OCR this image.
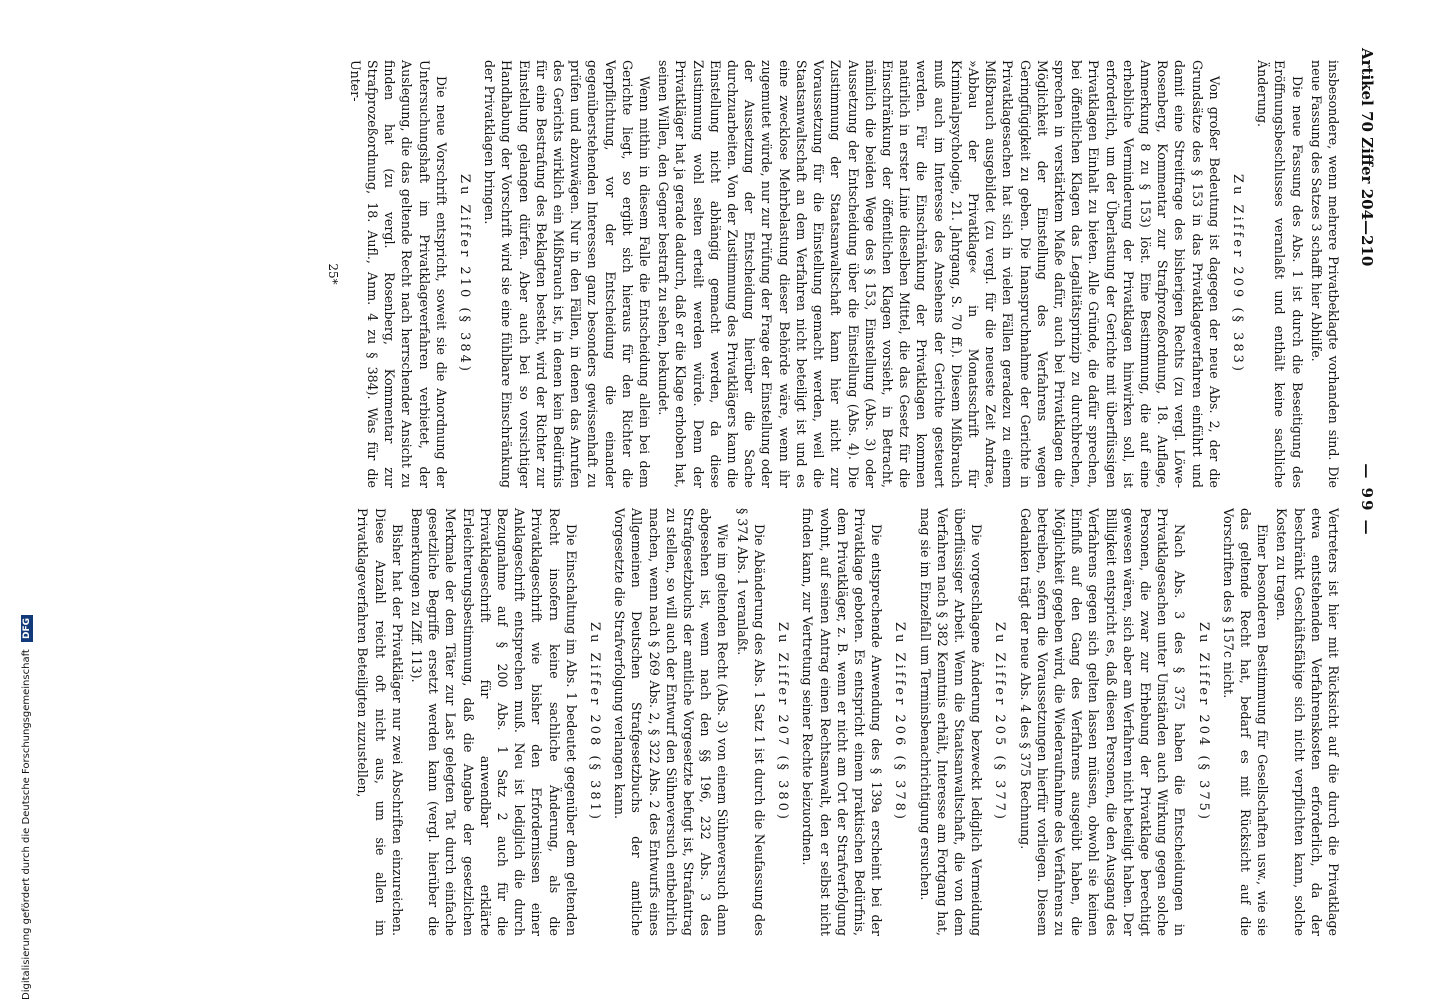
Artikel 70 Ziffer 204—210
— 99 —

insbesondere, wenn mehrere Privatbeklagte vorhanden sind. Die neue Fassung des Satzes 3 schafft hier Abhilfe.

Die neue Fassung des Abs. 1 ist durch die Beseitigung des Eröffnungsbeschlusses veranlaßt und enthält keine sachliche Änderung.

Zu Ziffer 209 (§ 383)

Von großer Bedeutung ist dagegen der neue Abs. 2, der die Grundsätze des § 153 in das Privatklageverfahren einführt und damit eine Streitfrage des bisherigen Rechts (zu vergl. Löwe-Rosenberg, Kommentar zur Strafprozeßordnung, 18. Auflage, Anmerkung 8 zu § 153) löst. Eine Bestimmung, die auf eine erhebliche Verminderung der Privatklagen hinwirken soll, ist erforderlich, um der Überlastung der Gerichte mit überflüssigen Privatklagen Einhalt zu bieten. Alle Gründe, die dafür sprechen, bei öffentlichen Klagen das Legalitätsprinzip zu durchbrechen, sprechen in verstärktem Maße dafür, auch bei Privatklagen die Möglichkeit der Einstellung des Verfahrens wegen Geringfügigkeit zu geben. Die Inanspruchnahme der Gerichte in Privatklagesachen hat sich in vielen Fällen geradezu zu einem Mißbrauch ausgebildet (zu vergl. für die neueste Zeit Andrae, »Abbau der Privatklage« in Monatsschrift für Kriminalpsychologie, 21. Jahrgang, S. 70 ff.). Diesem Mißbrauch muß auch im Interesse des Ansehens der Gerichte gesteuert werden. Für die Einschränkung der Privatklagen kommen natürlich in erster Linie dieselben Mittel, die das Gesetz für die Einschränkung der öffentlichen Klagen vorsieht, in Betracht, nämlich die beiden Wege des § 153, Einstellung (Abs. 3) oder Aussetzung der Entscheidung über die Einstellung (Abs. 4). Die Zustimmung der Staatsanwaltschaft kann hier nicht zur Voraussetzung für die Einstellung gemacht werden, weil die Staatsanwaltschaft an dem Verfahren nicht beteiligt ist und es eine zwecklose Mehrbelastung dieser Behörde wäre, wenn ihr zugemutet würde, nur zur Prüfung der Frage der Einstellung oder der Aussetzung der Entscheidung hierüber die Sache durchzuarbeiten. Von der Zustimmung des Privatklägers kann die Einstellung nicht abhängig gemacht werden, da diese Zustimmung wohl selten erteilt werden würde. Denn der Privatkläger hat ja gerade dadurch, daß er die Klage erhoben hat, seinen Willen, den Gegner bestraft zu sehen, bekundet.

Wenn mithin in diesem Falle die Entscheidung allein bei dem Gerichte liegt, so ergibt sich hieraus für den Richter die Verpflichtung, vor der Entscheidung die einander gegenüberstehenden Interessen ganz besonders gewissenhaft zu prüfen und abzuwägen. Nur in den Fällen, in denen das Anrufen des Gerichts wirklich ein Mißbrauch ist, in denen kein Bedürfnis für eine Bestrafung des Beklagten besteht, wird der Richter zur Einstellung gelangen dürfen. Aber auch bei so vorsichtiger Handhabung der Vorschrift wird sie eine fühlbare Einschränkung der Privatklagen bringen.

Zu Ziffer 210 (§ 384)

Die neue Vorschrift entspricht, soweit sie die Anordnung der Untersuchungshaft im Privatklageverfahren verbietet, der Auslegung, die das geltende Recht nach herrschender Ansicht zu finden hat (zu vergl. Rosenberg, Kommentar zur Strafprozeßordnung, 18. Aufl., Anm. 4 zu § 384). Was für die Unter-

25*

Vertreters ist hier mit Rücksicht auf die durch die Privatklage etwa entstehenden Verfahrenskosten erforderlich, da der beschränkt Geschäftsfähige sich nicht verpflichten kann, solche Kosten zu tragen.

Einer besonderen Bestimmung für Gesellschaften usw., wie sie das geltende Recht hat, bedarf es mit Rücksicht auf die Vorschriften des § 157c nicht.

Zu Ziffer 204 (§ 375)

Nach Abs. 3 des § 375 haben die Entscheidungen in Privatklagesachen unter Umständen auch Wirkung gegen solche Personen, die zwar zur Erhebung der Privatklage berechtigt gewesen wären, sich aber am Verfahren nicht beteiligt haben. Der Billigkeit entspricht es, daß diesen Personen, die den Ausgang des Verfahrens gegen sich gelten lassen müssen, obwohl sie keinen Einfluß auf den Gang des Verfahrens ausgeübt haben, die Möglichkeit gegeben wird, die Wiederaufnahme des Verfahrens zu betreiben, sofern die Voraussetzungen hierfür vorliegen. Diesem Gedanken trägt der neue Abs. 4 des § 375 Rechnung.

Zu Ziffer 205 (§ 377)

Die vorgeschlagene Änderung bezweckt lediglich Vermeidung überflüssiger Arbeit. Wenn die Staatsanwaltschaft, die von dem Verfahren nach § 382 Kenntnis erhält, Interesse am Fortgang hat, mag sie im Einzelfall um Terminsbenachrichtigung ersuchen.

Zu Ziffer 206 (§ 378)

Die entsprechende Anwendung des § 139a erscheint bei der Privatklage geboten. Es entspricht einem praktischen Bedürfnis, dem Privatkläger, z. B. wenn er nicht am Ort der Strafverfolgung wohnt, auf seinen Antrag einen Rechtsanwalt, den er selbst nicht finden kann, zur Vertretung seiner Rechte beizuordnen.

Zu Ziffer 207 (§ 380)

Die Abänderung des Abs. 1 Satz 1 ist durch die Neufassung des § 374 Abs. 1 veranlaßt.

Wie im geltenden Recht (Abs. 3) von einem Sühneversuch dann abgesehen ist, wenn nach den §§ 196, 232 Abs. 3 des Strafgesetzbuchs der amtliche Vorgesetzte befugt ist, Strafantrag zu stellen, so will auch der Entwurf den Sühneversuch entbehrlich machen, wenn nach § 269 Abs. 2, § 322 Abs. 2 des Entwurfs eines Allgemeinen Deutschen Strafgesetzbuchs der amtliche Vorgesetzte die Strafverfolgung verlangen kann.

Zu Ziffer 208 (§ 381)

Die Einschaltung im Abs. 1 bedeutet gegenüber dem geltenden Recht insofern keine sachliche Änderung, als die Privatklageschrift wie bisher den Erfordernissen einer Anklageschrift entsprechen muß. Neu ist lediglich die durch Bezugnahme auf § 200 Abs. 1 Satz 2 auch für die Privatklageschrift für anwendbar erklärte Erleichterungsbestimmung, daß die Angabe der gesetzlichen Merkmale der dem Täter zur Last gelegten Tat durch einfache gesetzliche Begriffe ersetzt werden kann (vergl. hierüber die Bemerkungen zu Ziff. 113).

Bisher hat der Privatkläger nur zwei Abschriften einzureichen. Diese Anzahl reicht oft nicht aus, um sie allen im Privatklageverfahren Beteiligten zuzustellen,

Digitalisierung gefördert durch die Deutsche Forschungsgemeinschaft DFG
